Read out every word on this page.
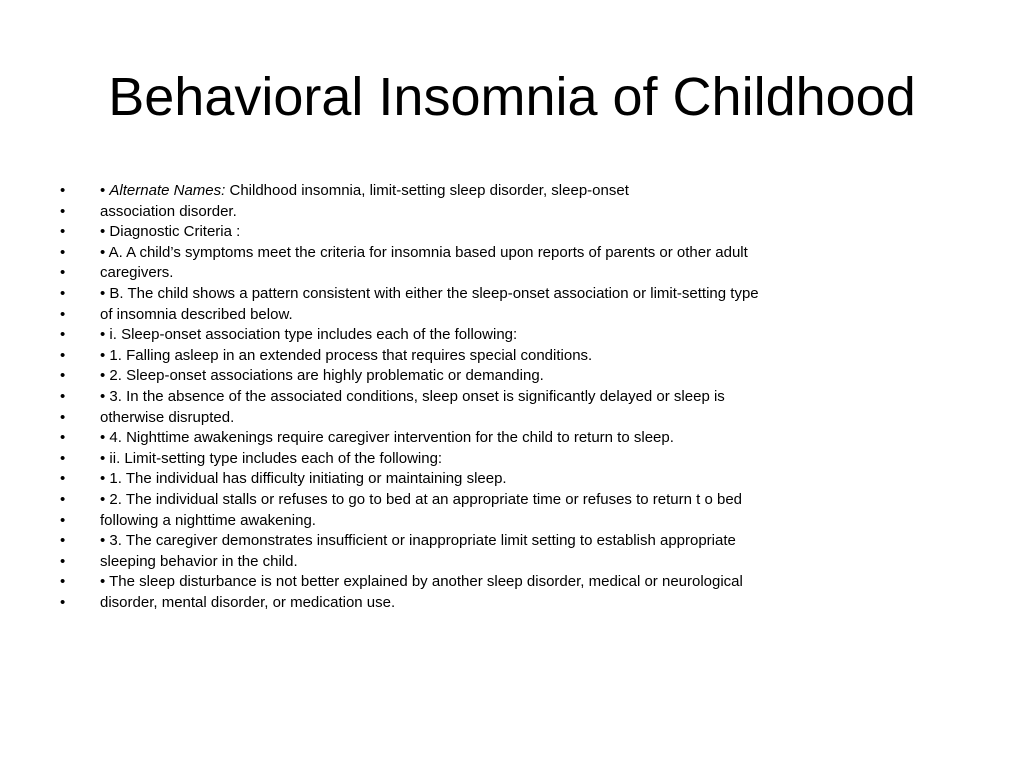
Behavioral Insomnia of Childhood
• • Alternate Names: Childhood insomnia, limit-setting sleep disorder, sleep-onset
• association disorder.
• • Diagnostic Criteria :
• • A. A child’s symptoms meet the criteria for insomnia based upon reports of parents or other adult
• caregivers.
• • B. The child shows a pattern consistent with either the sleep-onset association or limit-setting type
• of insomnia described below.
• • i. Sleep-onset association type includes each of the following:
• • 1. Falling asleep in an extended process that requires special conditions.
• • 2. Sleep-onset associations are highly problematic or demanding.
• • 3. In the absence of the associated conditions, sleep onset is significantly delayed or sleep is
• otherwise disrupted.
• • 4. Nighttime awakenings require caregiver intervention for the child to return to sleep.
• • ii. Limit-setting type includes each of the following:
• • 1. The individual has difficulty initiating or maintaining sleep.
• • 2. The individual stalls or refuses to go to bed at an appropriate time or refuses to return t o bed
• following a nighttime awakening.
• • 3. The caregiver demonstrates insufficient or inappropriate limit setting to establish appropriate
• sleeping behavior in the child.
• • The sleep disturbance is not better explained by another sleep disorder, medical or neurological
• disorder, mental disorder, or medication use.
